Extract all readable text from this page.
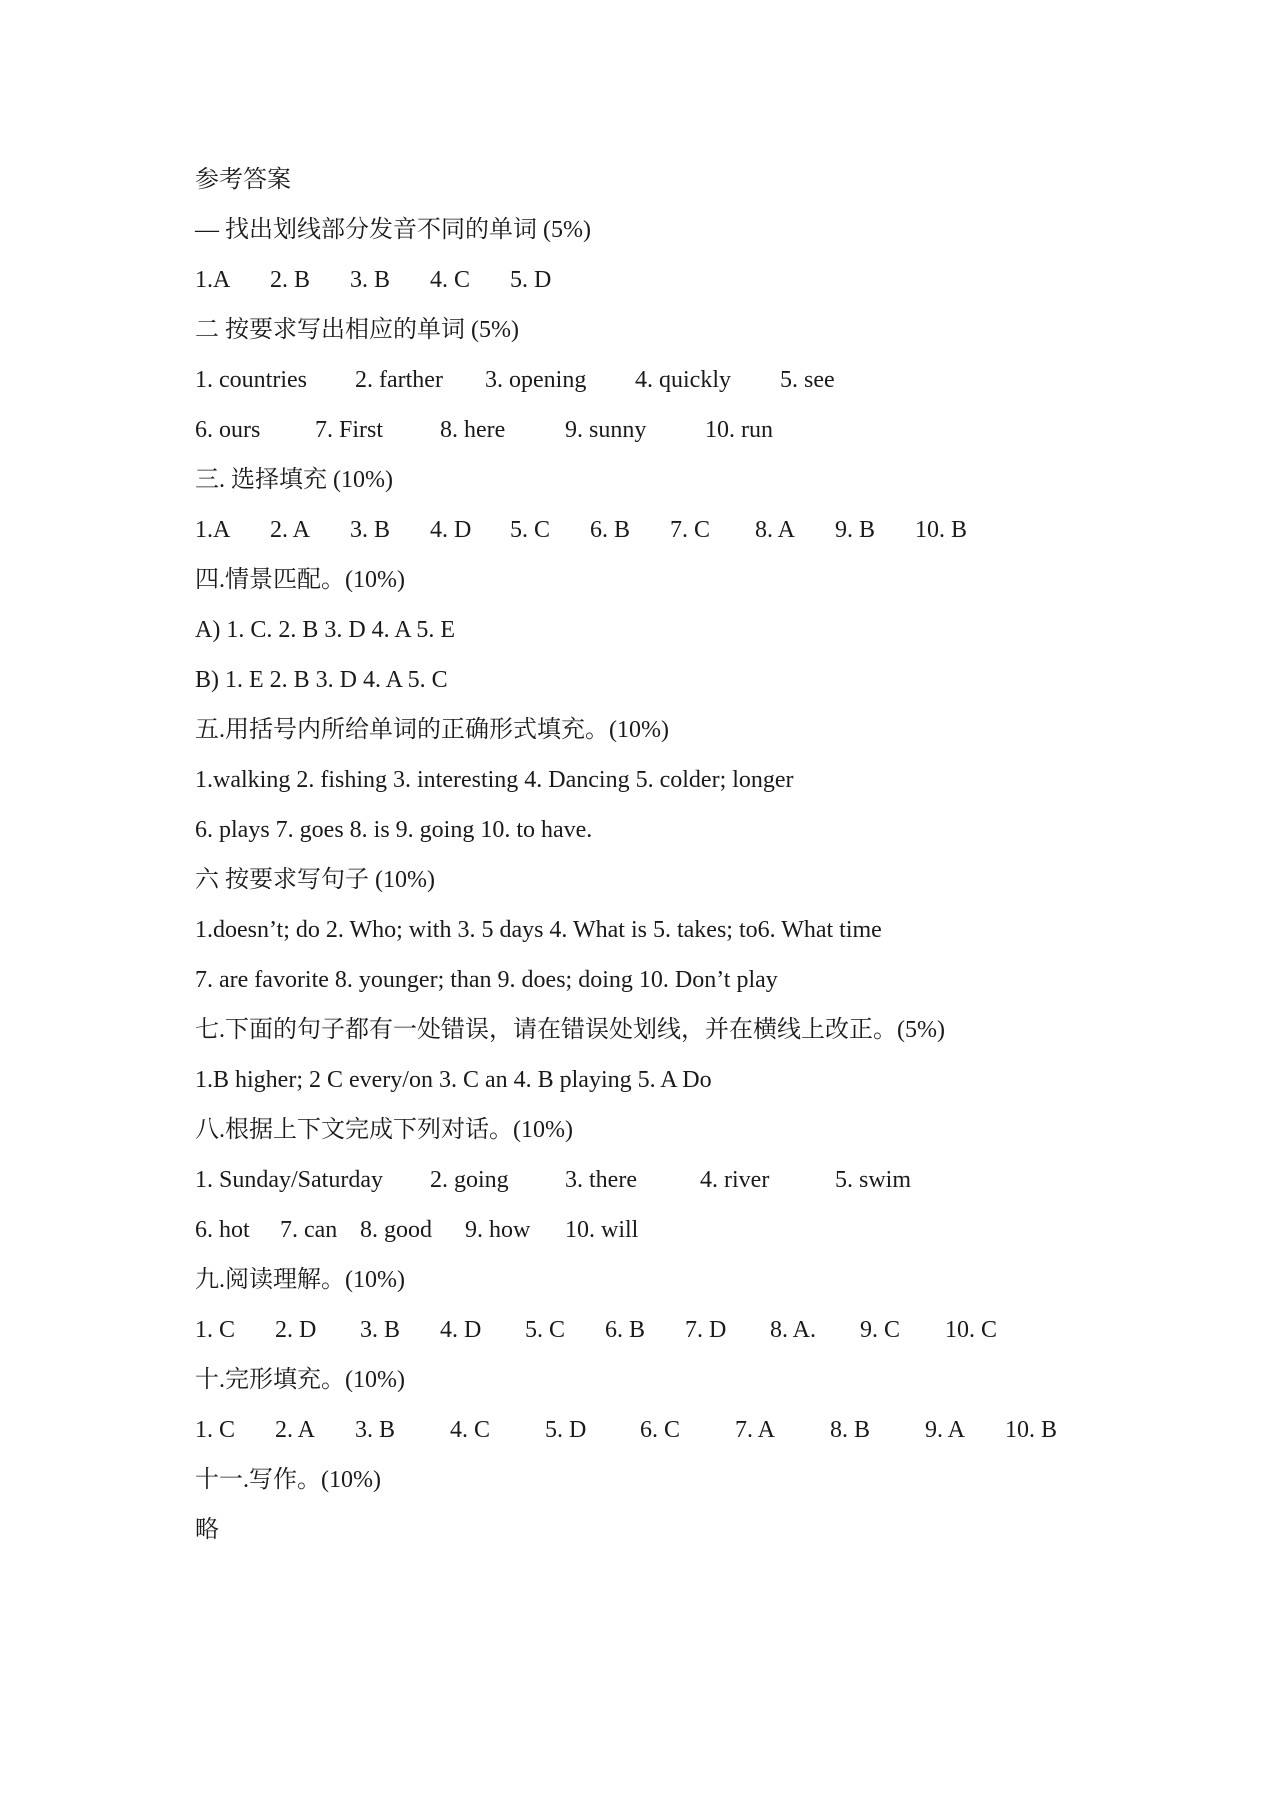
参考答案
— 找出划线部分发音不同的单词 (5%)
1.A 2. B 3. B 4. C 5. D
二 按要求写出相应的单词 (5%)
1. countries 2. farther 3. opening 4. quickly 5. see
6. ours 7. First 8. here 9. sunny 10. run
三. 选择填充 (10%)
1.A 2. A 3. B 4. D 5. C 6. B 7. C 8. A 9. B 10. B
四.情景匹配。(10%)
A) 1. C. 2. B 3. D 4. A 5. E
B) 1. E 2. B 3. D 4. A 5. C
五.用括号内所给单词的正确形式填充。(10%)
1.walking 2. fishing 3. interesting 4. Dancing 5. colder; longer
6. plays 7. goes 8. is 9. going 10. to have.
六 按要求写句子 (10%)
1.doesn’t; do 2. Who; with 3. 5 days 4. What is 5. takes; to6. What time
7. are favorite 8. younger; than 9. does; doing 10. Don’t play
七.下面的句子都有一处错误，请在错误处划线，并在横线上改正。(5%)
1.B higher; 2 C every/on 3. C an 4. B playing 5. A Do
八.根据上下文完成下列对话。(10%)
1. Sunday/Saturday 2. going 3. there	4. river	5. swim
6. hot 7. can 8. good 9. how 10. will
九.阅读理解。(10%)
1. C 2. D 3. B 4. D 5. C 6. B 7. D 8. A. 9. C 10. C
十.完形填充。(10%)
1. C 2. A 3. B 4. C 5. D 6. C 7. A 8. B 9. A 10. B
十一.写作。(10%)
略
